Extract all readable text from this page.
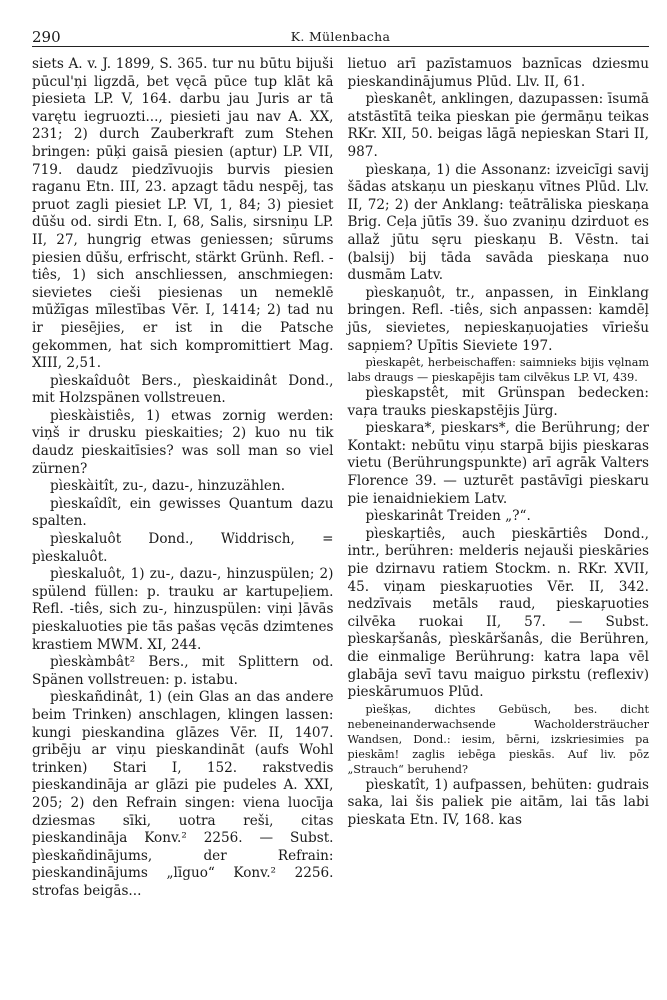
290	K. Mülenbacha

siets A. v. J. 1899, S. 365. tur nu būtu bijuši pūcul'ņi ligzdā, bet vęcā pūce tup klāt kā piesieta LP. V, 164. darbu jau Juris ar tā varętu iegruozti..., piesieti jau nav A. XX, 231; 2) durch Zauberkraft zum Stehen bringen: pūķi gaisā piesien (aptur) LP. VII, 719. daudz piedzīvuojis burvis piesien raganu Etn. III, 23. apzagt tādu nespēj, tas pruot zagli piesiet LP. VI, 1, 84; 3) piesiet dūšu od. sirdi Etn. I, 68, Salis, sirsniņu LP. II, 27, hungrig etwas geniessen; sūrums piesien dūšu, erfrischt, stärkt Grünh. Refl. -tiês, 1) sich anschliessen, anschmiegen: sievietes cieši piesienas un nemeklē mūžīgas mīlestības Vēr. I, 1414; 2) tad nu ir piesējies, er ist in die Patsche gekommen, hat sich kompromittiert Mag. XIII, 2,51.

pìeskaîduôt Bers., pìeskaidinât Dond., mit Holzspänen vollstreuen.

pìeskàistiês, 1) etwas zornig werden: viņš ir drusku pieskaities; 2) kuo nu tik daudz pieskaitīsies? was soll man so viel zürnen?

pìeskàitît, zu-, dazu-, hinzuzählen.

pìeskaîdît, ein gewisses Quantum dazu spalten.

pìeskaluôt Dond., Widdrisch, = pìeskaluôt.

pìeskaluôt, 1) zu-, dazu-, hinzuspülen; 2) spülend füllen: p. trauku ar kartupeļiem. Refl. -tiês, sich zu-, hinzuspülen: viņi ļāvās pieskaluoties pie tās pašas vęcās dzimtenes krastiem MWM. XI, 244.

pìeskàmbât² Bers., mit Splittern od. Spänen vollstreuen: p. istabu.

pìeskañdinât, 1) (ein Glas an das andere beim Trinken) anschlagen, klingen lassen: kungi pieskandina glāzes Vēr. II, 1407. gribēju ar viņu pieskandināt (aufs Wohl trinken) Stari I, 152. rakstvedis pieskandināja ar glāzi pie pudeles A. XXI, 205; 2) den Refrain singen: viena luocīja dziesmas sīki, uotra reši, citas pieskandināja Konv.² 2256. — Subst. pìeskañdinājums, der Refrain: pieskandinājums „līguo“ Konv.² 2256. strofas beigās...

lietuo arī pazīstamuos baznīcas dziesmu pieskandinājumus Plūd. Llv. II, 61.

pìeskanêt, anklingen, dazupassen: īsumā atstāstītā teika pieskan pie ģermāņu teikas RKr. XII, 50. beigas lāgā nepieskan Stari II, 987.

pìeskaņa, 1) die Assonanz: izveicīgi savij šādas atskaņu un pieskaņu vītnes Plūd. Llv. II, 72; 2) der Anklang: teātrāliska pieskaņa Brig. Ceļa jūtīs 39. šuo zvaniņu dzirduot es allaž jūtu sęru pieskaņu B. Vēstn. tai (balsij) bij tāda savāda pieskaņa nuo dusmām Latv.

pìeskaņuôt, tr., anpassen, in Einklang bringen. Refl. -tiês, sich anpassen: kamdēļ jūs, sievietes, nepieskaņuojaties vīriešu sapņiem? Upītis Sieviete 197.

pìeskapêt, herbeischaffen: saimnieks bijis vęlnam labs draugs — pieskapējis tam cilvēkus LP. VI, 439.

pìeskapstêt, mit Grünspan bedecken: vaŗa trauks pieskapstējis Jürg.

pieskara*, pieskars*, die Berührung; der Kontakt: nebūtu viņu starpā bijis pieskaras vietu (Berührungspunkte) arī agrāk Valters Florence 39. — uzturēt pastāvīgi pieskaru pie ienaidniekiem Latv.

pìeskarinât Treiden „?“.

pìeskaŗtiês, auch pieskārtiês Dond., intr., berühren: melderis nejauši pieskāries pie dzirnavu ratiem Stockm. n. RKr. XVII, 45. viņam pieskaŗuoties Vēr. II, 342. nedzīvais metāls raud, pieskaŗuoties cilvēka ruokai II, 57. — Subst. pìeskaŗšanâs, pìeskāršanâs, die Berühren, die einmalige Berührung: katra lapa vēl glabāja sevī tavu maiguo pirkstu (reflexiv) pieskārumuos Plūd.

pìešķas, dichtes Gebüsch, bes. dicht nebeneinanderwachsende Wacholdersträucher Wandsen, Dond.: iesim, bērni, izskriesimies pa pieskām! zaglis iebēga pieskās. Auf liv. pōz „Strauch“ beruhend?

pìeskatît, 1) aufpassen, behüten: gudrais saka, lai šis paliek pie aitām, lai tās labi pieskata Etn. IV, 168. kas
